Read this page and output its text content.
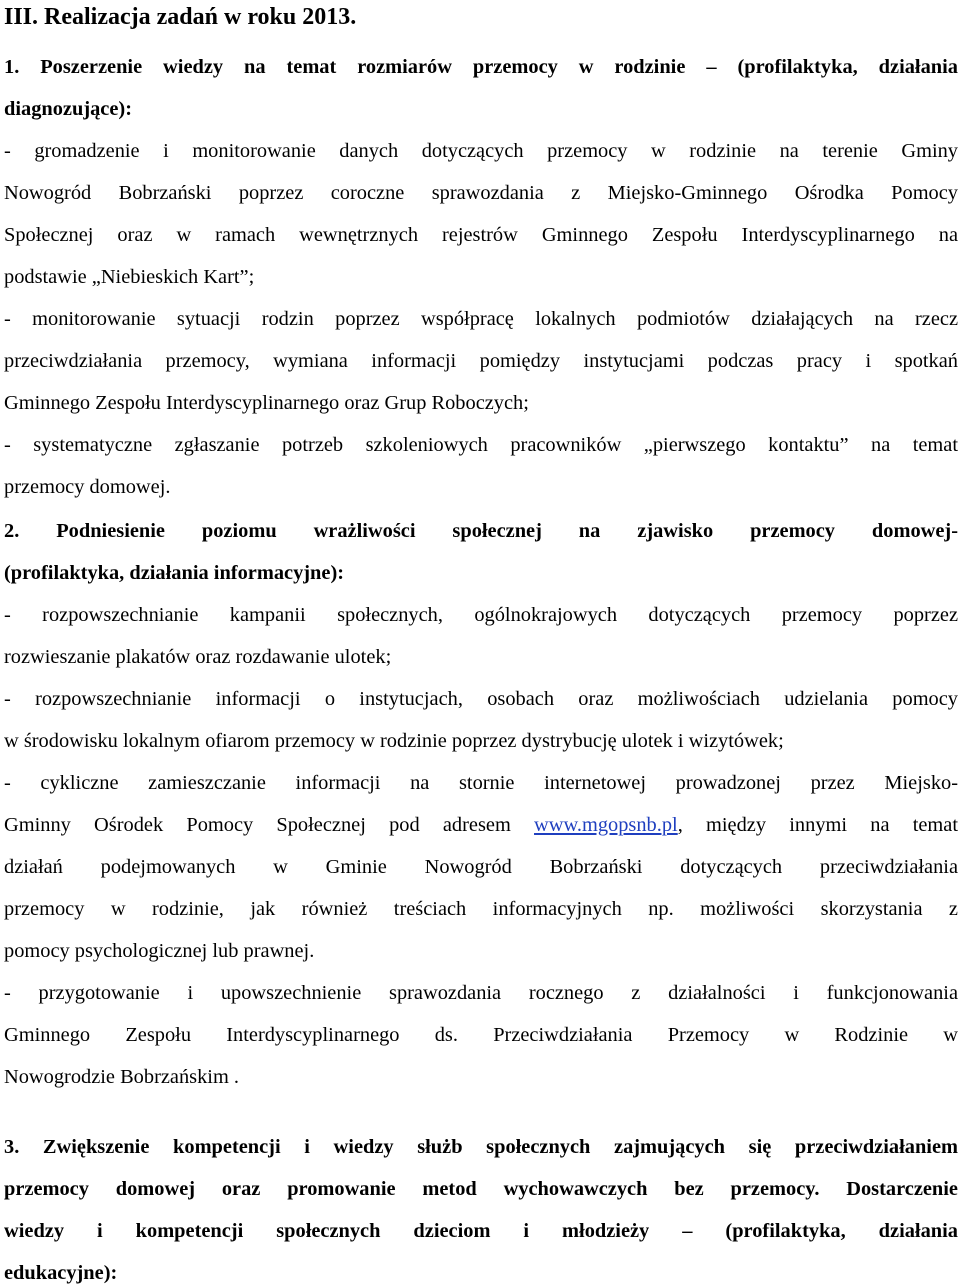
III. Realizacja zadań w roku 2013.
1. Poszerzenie wiedzy na temat rozmiarów przemocy w rodzinie – (profilaktyka, działania
diagnozujące):
- gromadzenie i monitorowanie danych dotyczących przemocy w rodzinie na terenie Gminy
Nowogród Bobrzański poprzez coroczne sprawozdania z Miejsko-Gminnego Ośrodka Pomocy
Społecznej oraz w ramach wewnętrznych rejestrów Gminnego Zespołu Interdyscyplinarnego na
podstawie „Niebieskich Kart”;
- monitorowanie sytuacji rodzin poprzez współpracę lokalnych podmiotów działających na rzecz
przeciwdziałania przemocy, wymiana informacji pomiędzy instytucjami podczas pracy i spotkań
Gminnego Zespołu Interdyscyplinarnego oraz Grup Roboczych;
- systematyczne zgłaszanie potrzeb szkoleniowych pracowników „pierwszego kontaktu” na temat
przemocy domowej.
2. Podniesienie poziomu wrażliwości społecznej na zjawisko przemocy domowej-
(profilaktyka, działania informacyjne):
- rozpowszechnianie kampanii społecznych, ogólnokrajowych dotyczących przemocy poprzez
rozwieszanie plakatów oraz rozdawanie ulotek;
- rozpowszechnianie informacji o instytucjach, osobach oraz możliwościach udzielania pomocy
w środowisku lokalnym ofiarom przemocy w rodzinie poprzez dystrybucję ulotek i wizytówek;
- cykliczne zamieszczanie informacji na stornie internetowej prowadzonej przez Miejsko-
Gminny Ośrodek Pomocy Społecznej pod adresem www.mgopsnb.pl, między innymi na temat
działań podejmowanych w Gminie Nowogród Bobrzański dotyczących przeciwdziałania
przemocy w rodzinie, jak również treściach informacyjnych np. możliwości skorzystania z
pomocy psychologicznej lub prawnej.
- przygotowanie i upowszechnienie sprawozdania rocznego z działalności i funkcjonowania
Gminnego Zespołu Interdyscyplinarnego ds. Przeciwdziałania Przemocy w Rodzinie w
Nowogrodzie Bobrzańskim .
3. Zwiększenie kompetencji i wiedzy służb społecznych zajmujących się przeciwdziałaniem
przemocy domowej oraz promowanie metod wychowawczych bez przemocy. Dostarczenie
wiedzy i kompetencji społecznych dzieciom i młodzieży – (profilaktyka, działania
edukacyjne):
